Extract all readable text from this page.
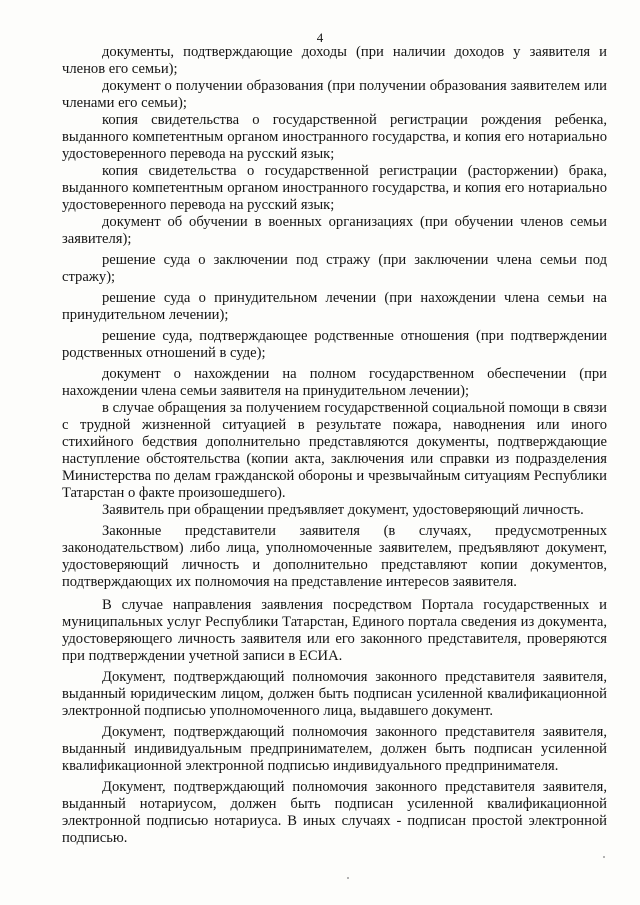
4

документы, подтверждающие доходы (при наличии доходов у заявителя и членов его семьи);

документ о получении образования (при получении образования заявителем или членами его семьи);

копия свидетельства о государственной регистрации рождения ребенка, выданного компетентным органом иностранного государства, и копия его нотариально удостоверенного перевода на русский язык;

копия свидетельства о государственной регистрации (расторжении) брака, выданного компетентным органом иностранного государства, и копия его нотариально удостоверенного перевода на русский язык;

документ об обучении в военных организациях (при обучении членов семьи заявителя);

решение суда о заключении под стражу (при заключении члена семьи под стражу);

решение суда о принудительном лечении (при нахождении члена семьи на принудительном лечении);

решение суда, подтверждающее родственные отношения (при подтверждении родственных отношений в суде);

документ о нахождении на полном государственном обеспечении (при нахождении члена семьи заявителя на принудительном лечении);

в случае обращения за получением государственной социальной помощи в связи с трудной жизненной ситуацией в результате пожара, наводнения или иного стихийного бедствия дополнительно представляются документы, подтверждающие наступление обстоятельства (копии акта, заключения или справки из подразделения Министерства по делам гражданской обороны и чрезвычайным ситуациям Республики Татарстан о факте произошедшего).

Заявитель при обращении предъявляет документ, удостоверяющий личность.

Законные представители заявителя (в случаях, предусмотренных законодательством) либо лица, уполномоченные заявителем, предъявляют документ, удостоверяющий личность и дополнительно представляют копии документов, подтверждающих их полномочия на представление интересов заявителя.

В случае направления заявления посредством Портала государственных и муниципальных услуг Республики Татарстан, Единого портала сведения из документа, удостоверяющего личность заявителя или его законного представителя, проверяются при подтверждении учетной записи в ЕСИА.

Документ, подтверждающий полномочия законного представителя заявителя, выданный юридическим лицом, должен быть подписан усиленной квалификационной электронной подписью уполномоченного лица, выдавшего документ.

Документ, подтверждающий полномочия законного представителя заявителя, выданный индивидуальным предпринимателем, должен быть подписан усиленной квалификационной электронной подписью индивидуального предпринимателя.

Документ, подтверждающий полномочия законного представителя заявителя, выданный нотариусом, должен быть подписан усиленной квалификационной электронной подписью нотариуса. В иных случаях - подписан простой электронной подписью.
